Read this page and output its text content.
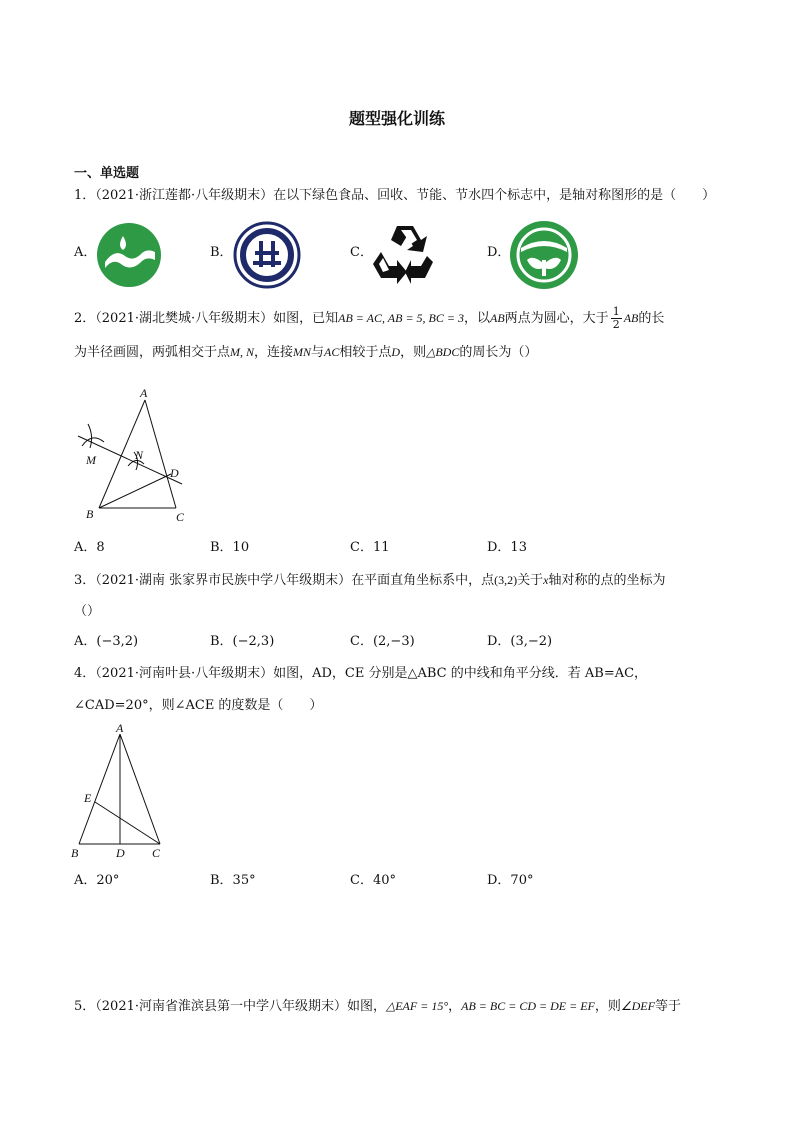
题型强化训练
一、单选题
1．（2021·浙江莲都·八年级期末）在以下绿色食品、回收、节能、节水四个标志中，是轴对称图形的是（　　）
A．	B．	C．	D．
2．（2021·湖北樊城·八年级期末）如图，已知AB = AC, AB = 5, BC = 3，以AB两点为圆心，大于 $\frac{1}{2}$ AB的长
为半径画圆，两弧相交于点M, N，连接MN与AC相较于点D，则△BDC的周长为（）
A
B	C
D
M	N
A．8	B．10	C．11	D．13
3．（2021·湖南 张家界市民族中学八年级期末）在平面直角坐标系中，点(3,2)关于x轴对称的点的坐标为
（）
A．(−3,2)	B．(−2,3)	C．(2,−3)	D．(3,−2)
4．（2021·河南叶县·八年级期末）如图，AD，CE 分别是△ABC 的中线和角平分线．若 AB=AC，
∠CAD=20°，则∠ACE 的度数是（　　）
A
E
B	D C
A．20°	B．35°	C．40°	D．70°
5．（2021·河南省淮滨县第一中学八年级期末）如图，△EAF = 15°，AB = BC = CD = DE = EF，则∠DEF等于
